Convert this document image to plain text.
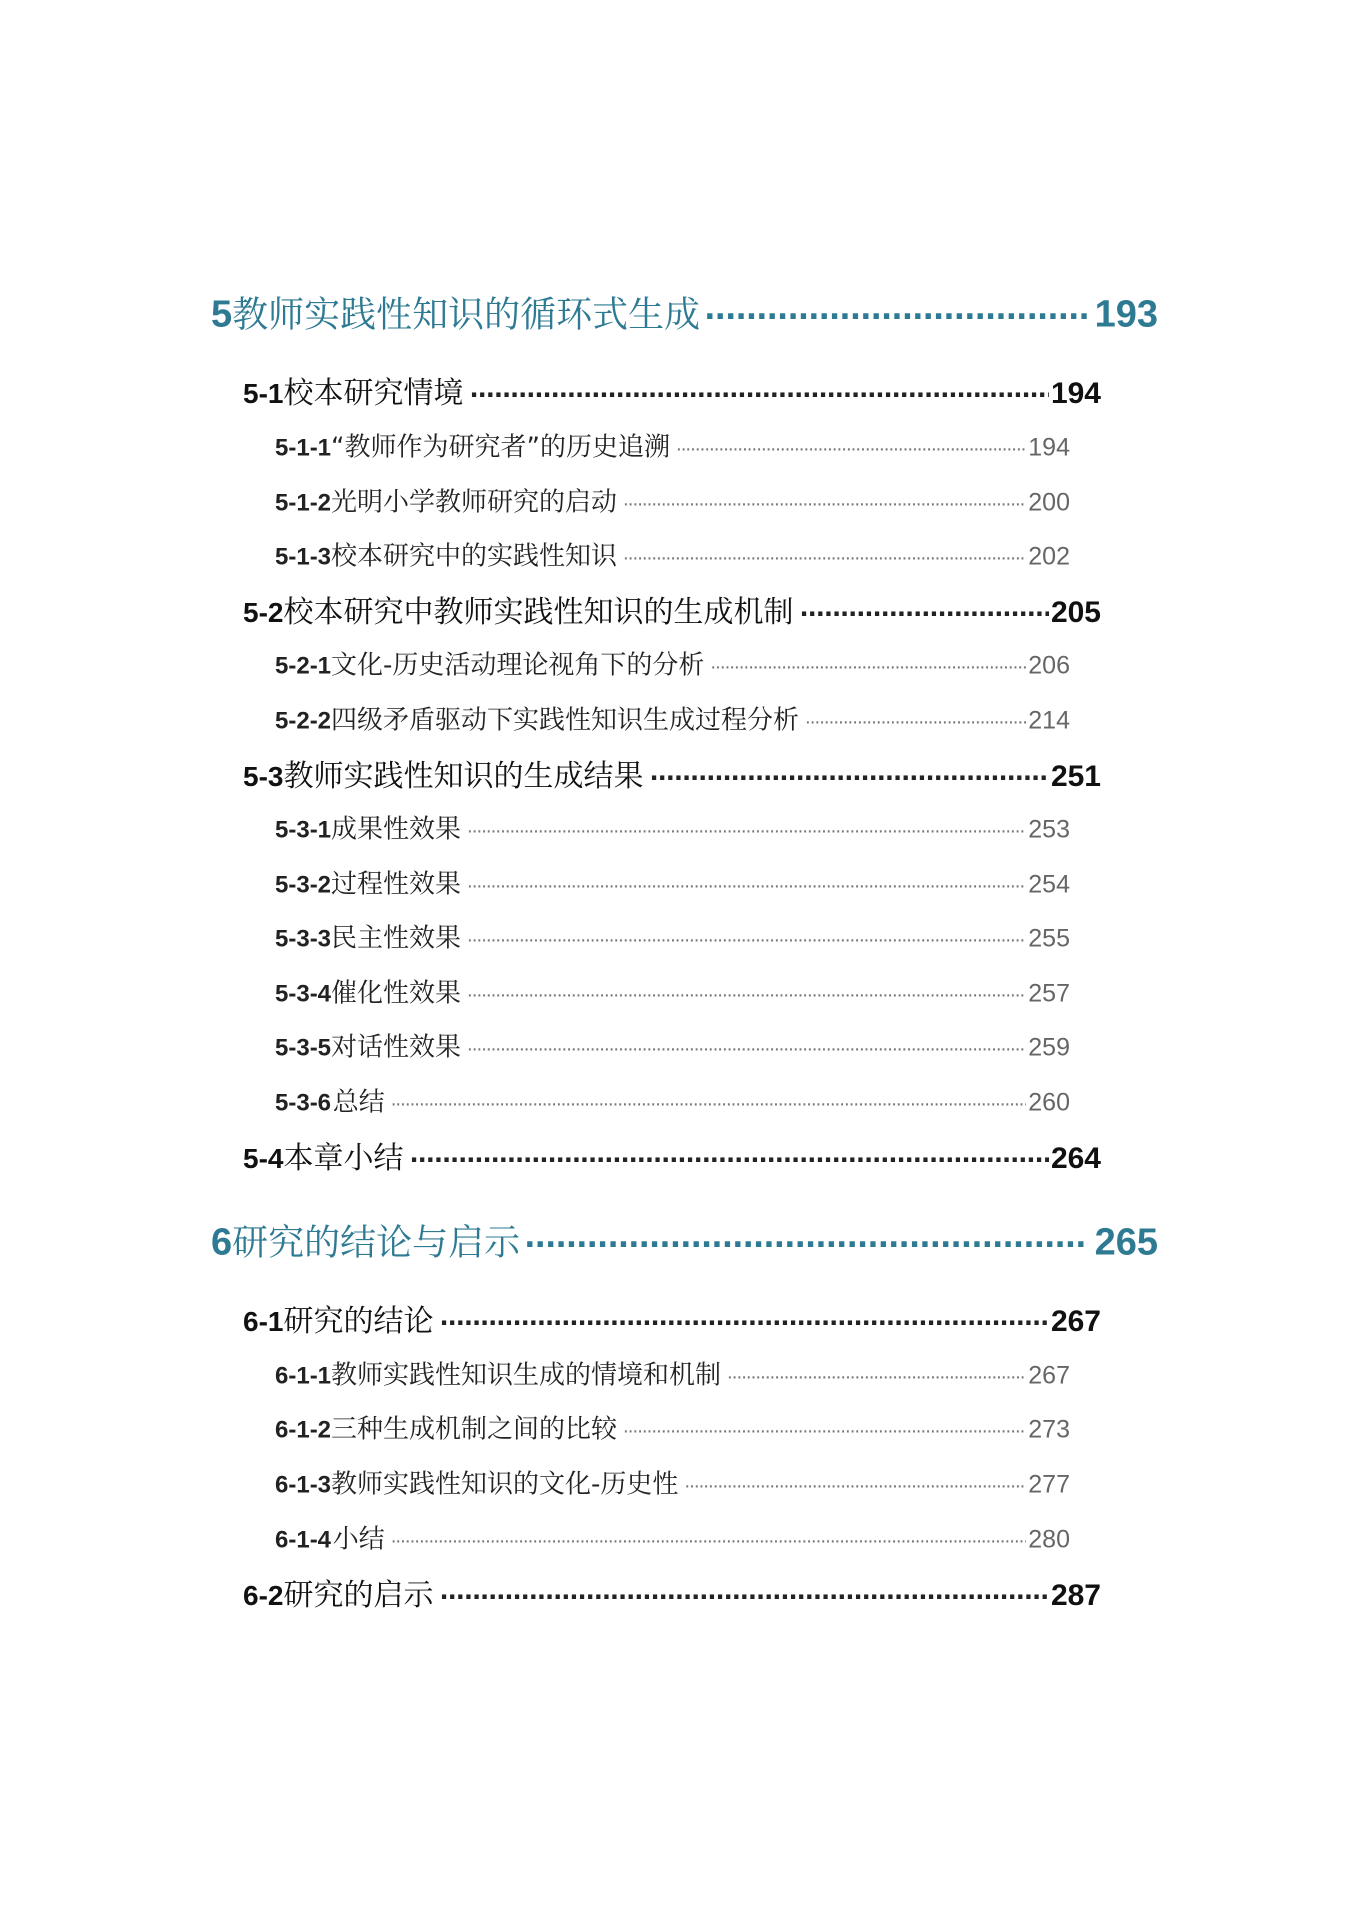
5 教师实践性知识的循环式生成 ·····	193
5-1 校本研究情境 ·····	194
5-1-1 “教师作为研究者”的历史追溯 ·····	194
5-1-2 光明小学教师研究的启动 ·····	200
5-1-3 校本研究中的实践性知识 ·····	202
5-2 校本研究中教师实践性知识的生成机制 ·····	205
5-2-1 文化-历史活动理论视角下的分析 ·····	206
5-2-2 四级矛盾驱动下实践性知识生成过程分析 ·····	214
5-3 教师实践性知识的生成结果 ·····	251
5-3-1 成果性效果 ·····	253
5-3-2 过程性效果 ·····	254
5-3-3 民主性效果 ·····	255
5-3-4 催化性效果 ·····	257
5-3-5 对话性效果 ·····	259
5-3-6 总结 ·····	260
5-4 本章小结 ·····	264
6 研究的结论与启示 ·····	265
6-1 研究的结论 ·····	267
6-1-1 教师实践性知识生成的情境和机制 ·····	267
6-1-2 三种生成机制之间的比较 ·····	273
6-1-3 教师实践性知识的文化-历史性 ·····	277
6-1-4 小结 ·····	280
6-2 研究的启示 ·····	287
